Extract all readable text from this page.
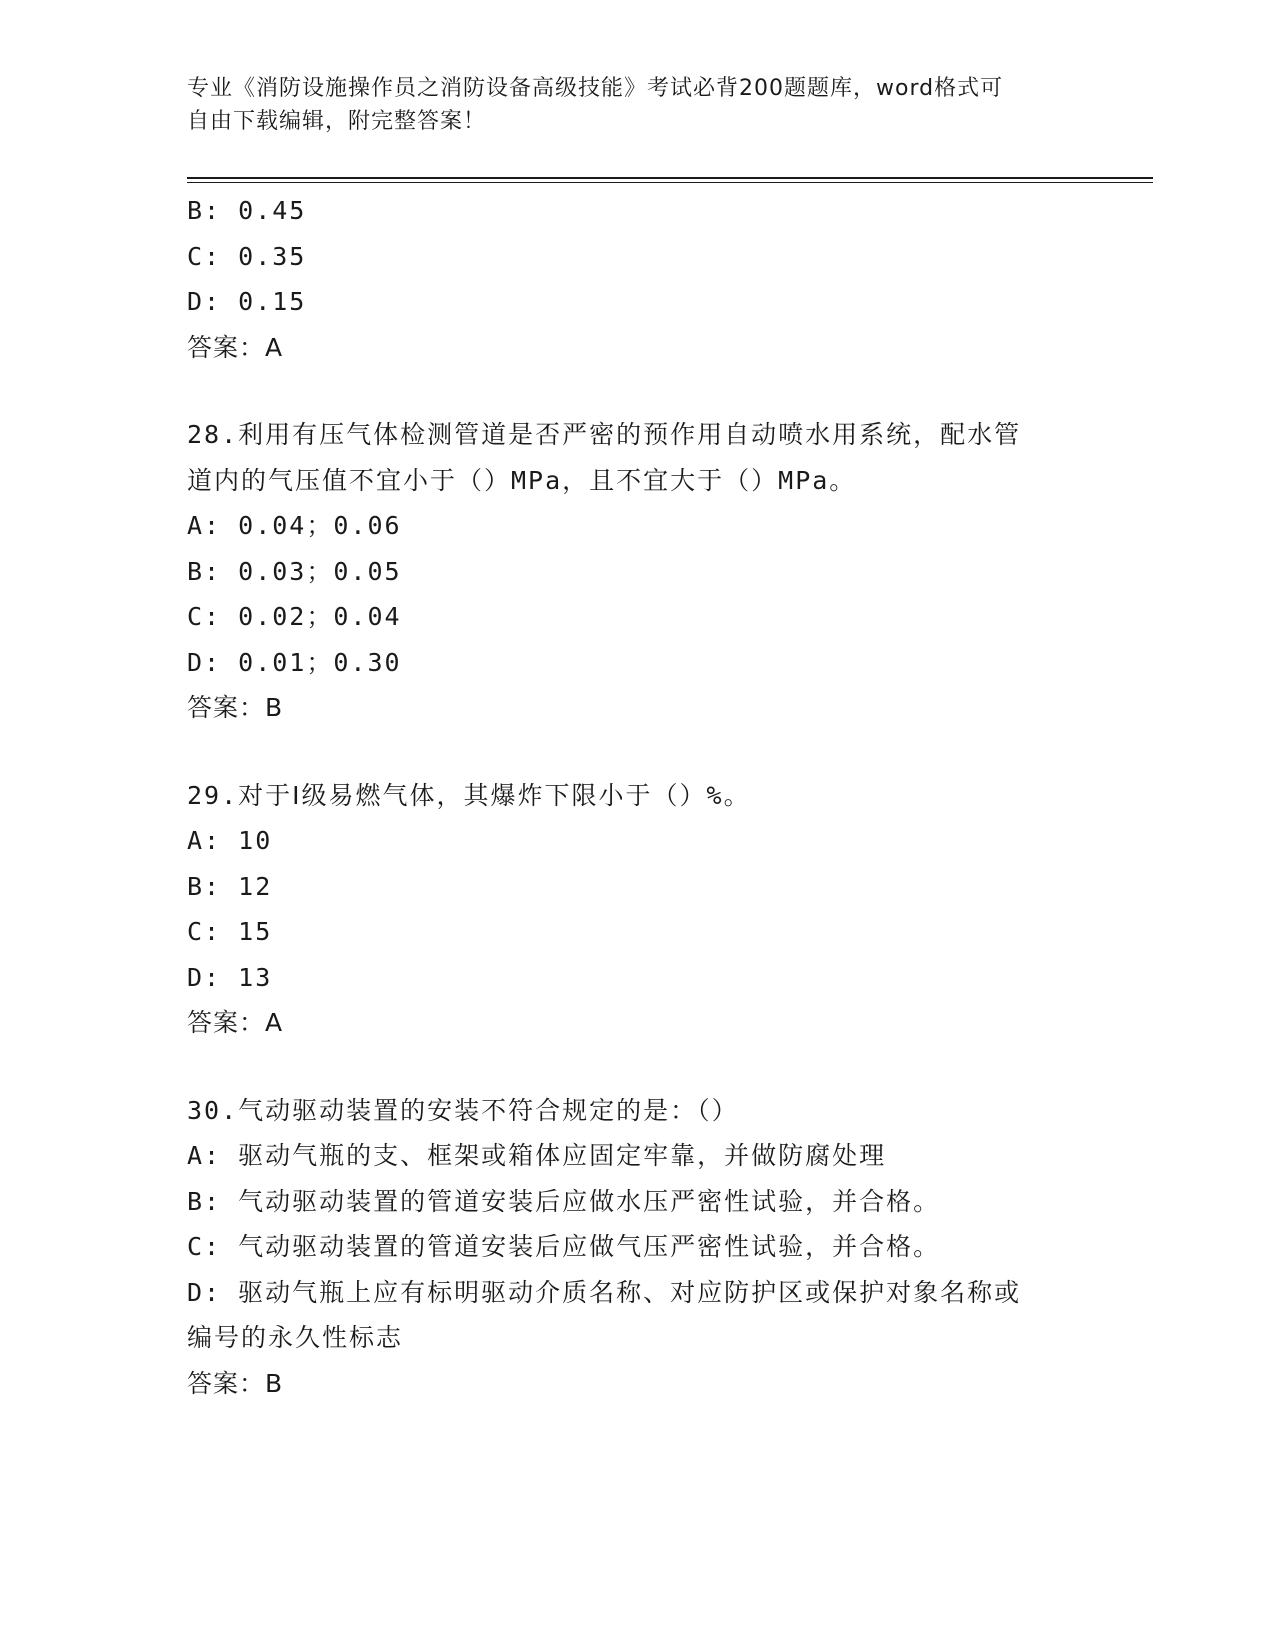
专业《消防设施操作员之消防设备高级技能》考试必背200题题库，word格式可
自由下载编辑，附完整答案！
B: 0.45
C: 0.35
D: 0.15
答案：A
28.利用有压气体检测管道是否严密的预作用自动喷水用系统，配水管
道内的气压值不宜小于（）MPa，且不宜大于（）MPa。
A: 0.04；0.06
B: 0.03；0.05
C: 0.02；0.04
D: 0.01；0.30
答案：B
29.对于Ⅰ级易燃气体，其爆炸下限小于（）%。
A: 10
B: 12
C: 15
D: 13
答案：A
30.气动驱动装置的安装不符合规定的是：（）
A: 驱动气瓶的支、框架或箱体应固定牢靠，并做防腐处理
B: 气动驱动装置的管道安装后应做水压严密性试验，并合格。
C: 气动驱动装置的管道安装后应做气压严密性试验，并合格。
D: 驱动气瓶上应有标明驱动介质名称、对应防护区或保护对象名称或
编号的永久性标志
答案：B
